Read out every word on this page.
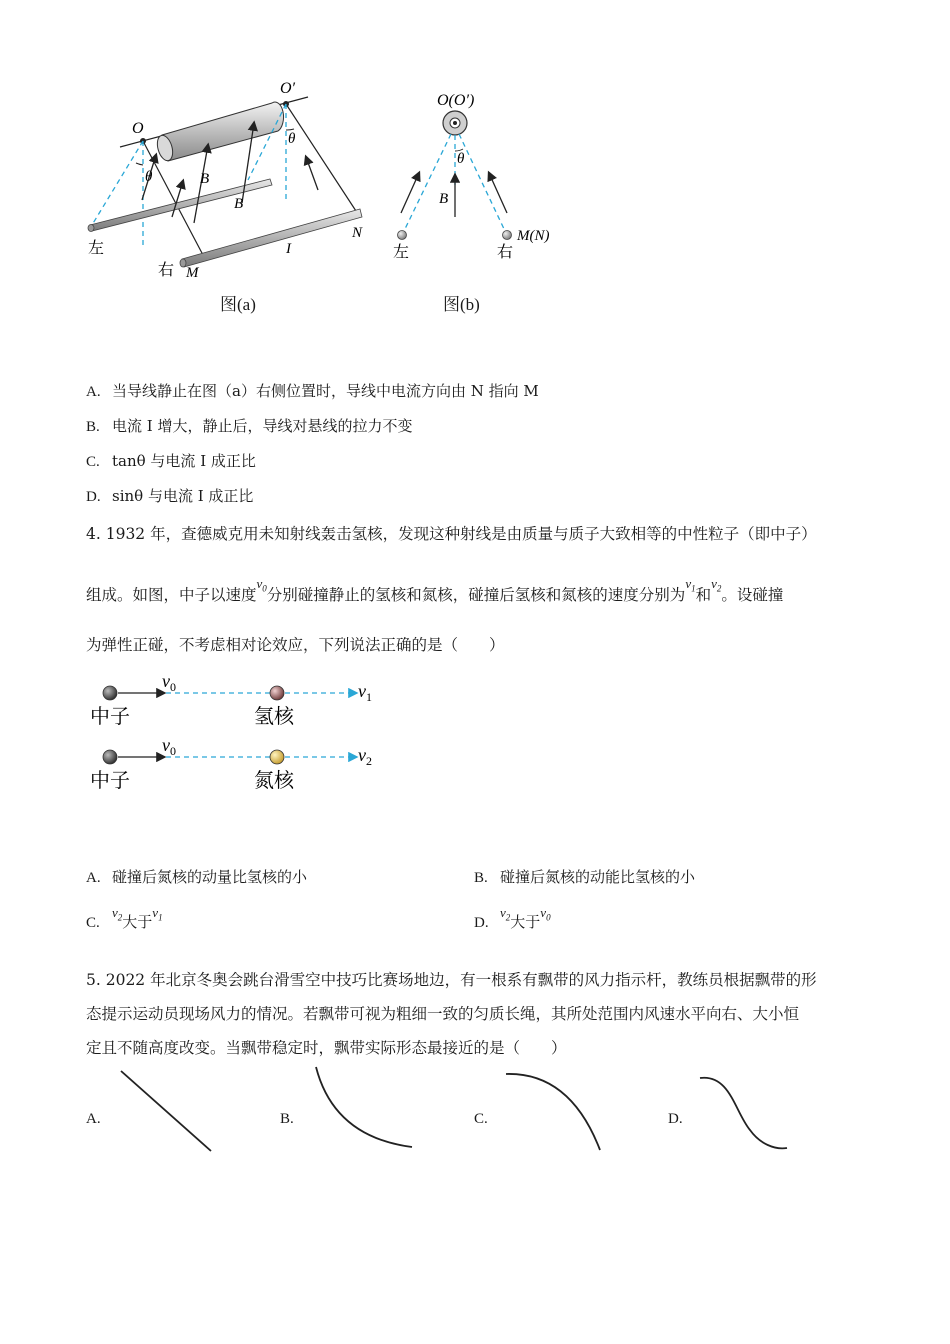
O
O′
θ
θ
B
B
左
右 M
N
I
图(a)
O(O′)
θ
B
左	右
M(N)
图(b)
A. 当导线静止在图（a）右侧位置时，导线中电流方向由 N 指向 M
B. 电流 I 增大，静止后，导线对悬线的拉力不变
C. tanθ 与电流 I 成正比
D. sinθ 与电流 I 成正比
4. 1932 年，查德威克用未知射线轰击氢核，发现这种射线是由质量与质子大致相等的中性粒子（即中子）
组成。如图，中子以速度$^{v_0}$分别碰撞静止的氢核和氮核，碰撞后氢核和氮核的速度分别为$^{v_1}$和$^{v_2}$。设碰撞
为弹性正碰，不考虑相对论效应，下列说法正确的是（　　）
$v_0$	$v_1$
中子	氢核
$v_0$	$v_2$
中子	氮核
A. 碰撞后氮核的动量比氢核的小	B. 碰撞后氮核的动能比氢核的小
$C.v_2$大于$v_1$	$D.v_2$大于$v_0$
5. 2022 年北京冬奥会跳台滑雪空中技巧比赛场地边，有一根系有飘带的风力指示杆，教练员根据飘带的形
态提示运动员现场风力的情况。若飘带可视为粗细一致的匀质长绳，其所处范围内风速水平向右、大小恒
定且不随高度改变。当飘带稳定时，飘带实际形态最接近的是（　　）
A.	B.	C.	D.
